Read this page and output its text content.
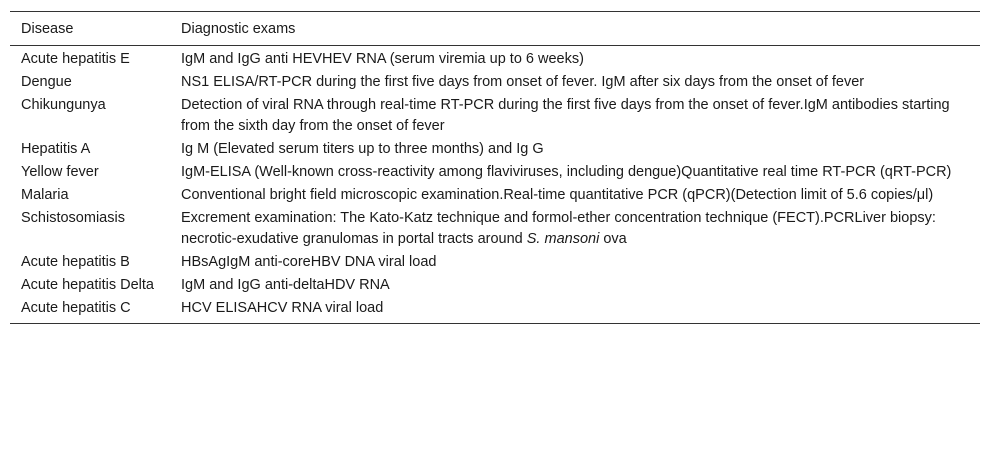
Disease	Diagnostic exams
Acute hepatitis E	IgM and IgG anti HEVHEV RNA (serum viremia up to 6 weeks)
Dengue	NS1 ELISA/RT-PCR during the first five days from onset of fever. IgM after six days from the onset of fever
Chikungunya	Detection of viral RNA through real-time RT-PCR during the first five days from the onset of fever.IgM antibodies starting from the sixth day from the onset of fever
Hepatitis A	Ig M (Elevated serum titers up to three months) and Ig G
Yellow fever	IgM-ELISA (Well-known cross-reactivity among flaviviruses, including dengue)Quantitative real time RT-PCR (qRT-PCR)
Malaria	Conventional bright field microscopic examination.Real-time quantitative PCR (qPCR)(Detection limit of 5.6 copies/μl)
Schistosomiasis	Excrement examination: The Kato-Katz technique and formol-ether concentration technique (FECT).PCRLiver biopsy: necrotic-exudative granulomas in portal tracts around S. mansoni ova
Acute hepatitis B	HBsAgIgM anti-coreHBV DNA viral load
Acute hepatitis Delta	IgM and IgG anti-deltaHDV RNA
Acute hepatitis C	HCV ELISAHCV RNA viral load
